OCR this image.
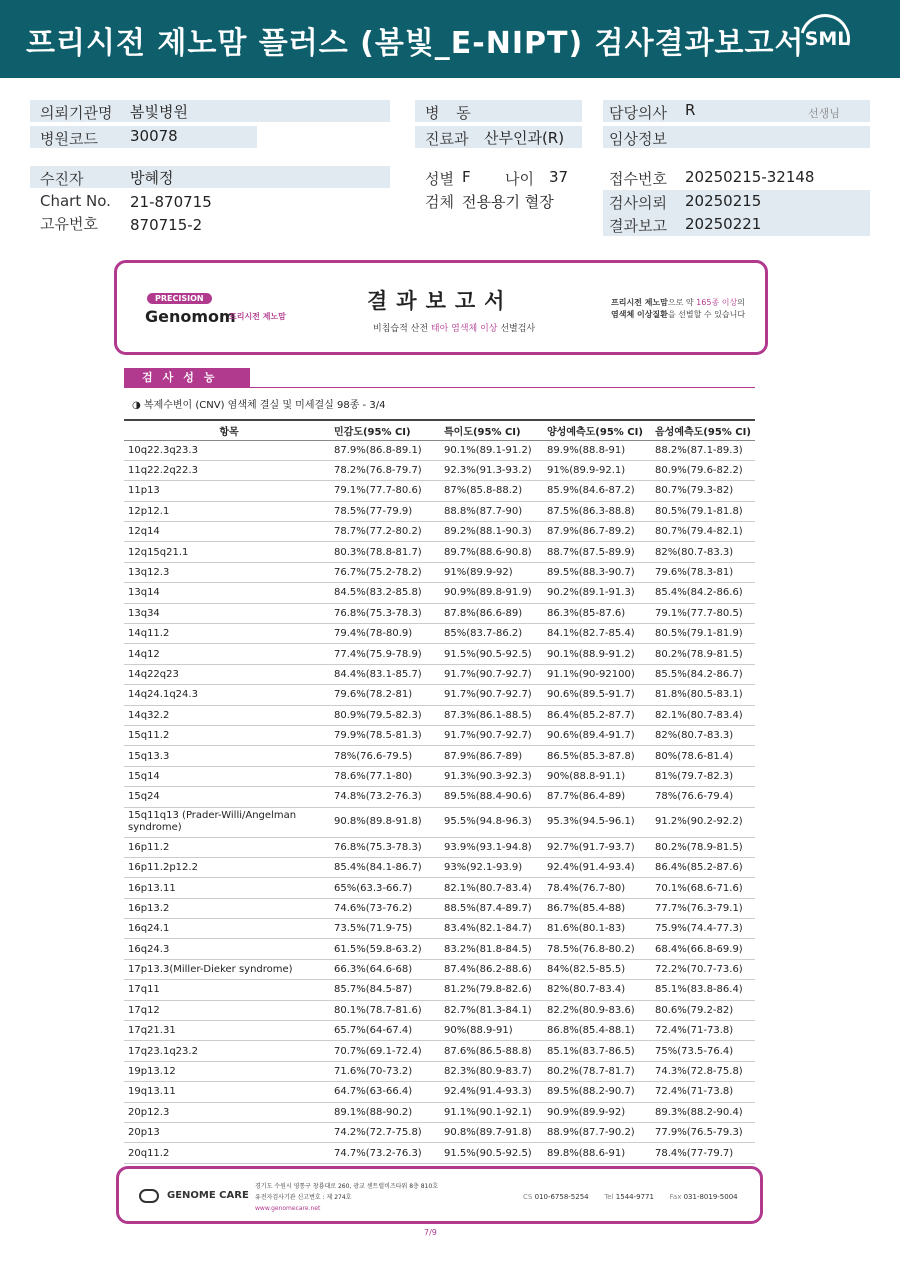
프리시전 제노맘 플러스 (봄빛_E-NIPT) 검사결과보고서 SML
의뢰기관명 봄빛병원
병원코드 30078
수진자	방혜정
Chart No. 21-870715
고유번호 870715-2
병 동
진료과 산부인과(R)
성별 F 나이 37
검체 전용용기 혈장
담당의사 R	선생님
임상정보
접수번호 20250215-32148
검사의뢰 20250215
결과보고 20250221
PRECISION
Genomom
프리시전 제노맘
결과보고서
비침습적 산전 태아 염색체 이상 선별검사
프리시전 제노맘으로 약 165종 이상의
염색체 이상질환을 선별할 수 있습니다
검사성능
◑ 복제수변이 (CNV) 염색체 결실 및 미세결실 98종 - 3/4
항목	민감도(95% CI)	특이도(95% CI)	양성예측도(95% CI)	음성예측도(95% CI)
10q22.3q23.3	87.9%(86.8-89.1)	90.1%(89.1-91.2)	89.9%(88.8-91)	88.2%(87.1-89.3)
11q22.2q22.3	78.2%(76.8-79.7)	92.3%(91.3-93.2)	91%(89.9-92.1)	80.9%(79.6-82.2)
11p13	79.1%(77.7-80.6)	87%(85.8-88.2)	85.9%(84.6-87.2)	80.7%(79.3-82)
12p12.1	78.5%(77-79.9)	88.8%(87.7-90)	87.5%(86.3-88.8)	80.5%(79.1-81.8)
12q14	78.7%(77.2-80.2)	89.2%(88.1-90.3)	87.9%(86.7-89.2)	80.7%(79.4-82.1)
12q15q21.1	80.3%(78.8-81.7)	89.7%(88.6-90.8)	88.7%(87.5-89.9)	82%(80.7-83.3)
13q12.3	76.7%(75.2-78.2)	91%(89.9-92)	89.5%(88.3-90.7)	79.6%(78.3-81)
13q14	84.5%(83.2-85.8)	90.9%(89.8-91.9)	90.2%(89.1-91.3)	85.4%(84.2-86.6)
13q34	76.8%(75.3-78.3)	87.8%(86.6-89)	86.3%(85-87.6)	79.1%(77.7-80.5)
14q11.2	79.4%(78-80.9)	85%(83.7-86.2)	84.1%(82.7-85.4)	80.5%(79.1-81.9)
14q12	77.4%(75.9-78.9)	91.5%(90.5-92.5)	90.1%(88.9-91.2)	80.2%(78.9-81.5)
14q22q23	84.4%(83.1-85.7)	91.7%(90.7-92.7)	91.1%(90-92100)	85.5%(84.2-86.7)
14q24.1q24.3	79.6%(78.2-81)	91.7%(90.7-92.7)	90.6%(89.5-91.7)	81.8%(80.5-83.1)
14q32.2	80.9%(79.5-82.3)	87.3%(86.1-88.5)	86.4%(85.2-87.7)	82.1%(80.7-83.4)
15q11.2	79.9%(78.5-81.3)	91.7%(90.7-92.7)	90.6%(89.4-91.7)	82%(80.7-83.3)
15q13.3	78%(76.6-79.5)	87.9%(86.7-89)	86.5%(85.3-87.8)	80%(78.6-81.4)
15q14	78.6%(77.1-80)	91.3%(90.3-92.3)	90%(88.8-91.1)	81%(79.7-82.3)
15q24	74.8%(73.2-76.3)	89.5%(88.4-90.6)	87.7%(86.4-89)	78%(76.6-79.4)
15q11q13 (Prader-Willi/Angelman syndrome)	90.8%(89.8-91.8)	95.5%(94.8-96.3)	95.3%(94.5-96.1)	91.2%(90.2-92.2)
16p11.2	76.8%(75.3-78.3)	93.9%(93.1-94.8)	92.7%(91.7-93.7)	80.2%(78.9-81.5)
16p11.2p12.2	85.4%(84.1-86.7)	93%(92.1-93.9)	92.4%(91.4-93.4)	86.4%(85.2-87.6)
16p13.11	65%(63.3-66.7)	82.1%(80.7-83.4)	78.4%(76.7-80)	70.1%(68.6-71.6)
16p13.2	74.6%(73-76.2)	88.5%(87.4-89.7)	86.7%(85.4-88)	77.7%(76.3-79.1)
16q24.1	73.5%(71.9-75)	83.4%(82.1-84.7)	81.6%(80.1-83)	75.9%(74.4-77.3)
16q24.3	61.5%(59.8-63.2)	83.2%(81.8-84.5)	78.5%(76.8-80.2)	68.4%(66.8-69.9)
17p13.3(Miller-Dieker syndrome)	66.3%(64.6-68)	87.4%(86.2-88.6)	84%(82.5-85.5)	72.2%(70.7-73.6)
17q11	85.7%(84.5-87)	81.2%(79.8-82.6)	82%(80.7-83.4)	85.1%(83.8-86.4)
17q12	80.1%(78.7-81.6)	82.7%(81.3-84.1)	82.2%(80.9-83.6)	80.6%(79.2-82)
17q21.31	65.7%(64-67.4)	90%(88.9-91)	86.8%(85.4-88.1)	72.4%(71-73.8)
17q23.1q23.2	70.7%(69.1-72.4)	87.6%(86.5-88.8)	85.1%(83.7-86.5)	75%(73.5-76.4)
19p13.12	71.6%(70-73.2)	82.3%(80.9-83.7)	80.2%(78.7-81.7)	74.3%(72.8-75.8)
19q13.11	64.7%(63-66.4)	92.4%(91.4-93.3)	89.5%(88.2-90.7)	72.4%(71-73.8)
20p12.3	89.1%(88-90.2)	91.1%(90.1-92.1)	90.9%(89.9-92)	89.3%(88.2-90.4)
20p13	74.2%(72.7-75.8)	90.8%(89.7-91.8)	88.9%(87.7-90.2)	77.9%(76.5-79.3)
20q11.2	74.7%(73.2-76.3)	91.5%(90.5-92.5)	89.8%(88.6-91)	78.4%(77-79.7)
GENOME CARE
경기도 수원시 영통구 창룡대로 260, 광교 센트럴비즈타워 8층 810호
유전자검사기관 신고번호 : 제 274호
www.genomecare.net
CS 010-6758-5254 Tel 1544-9771 Fax 031-8019-5004
7/9
